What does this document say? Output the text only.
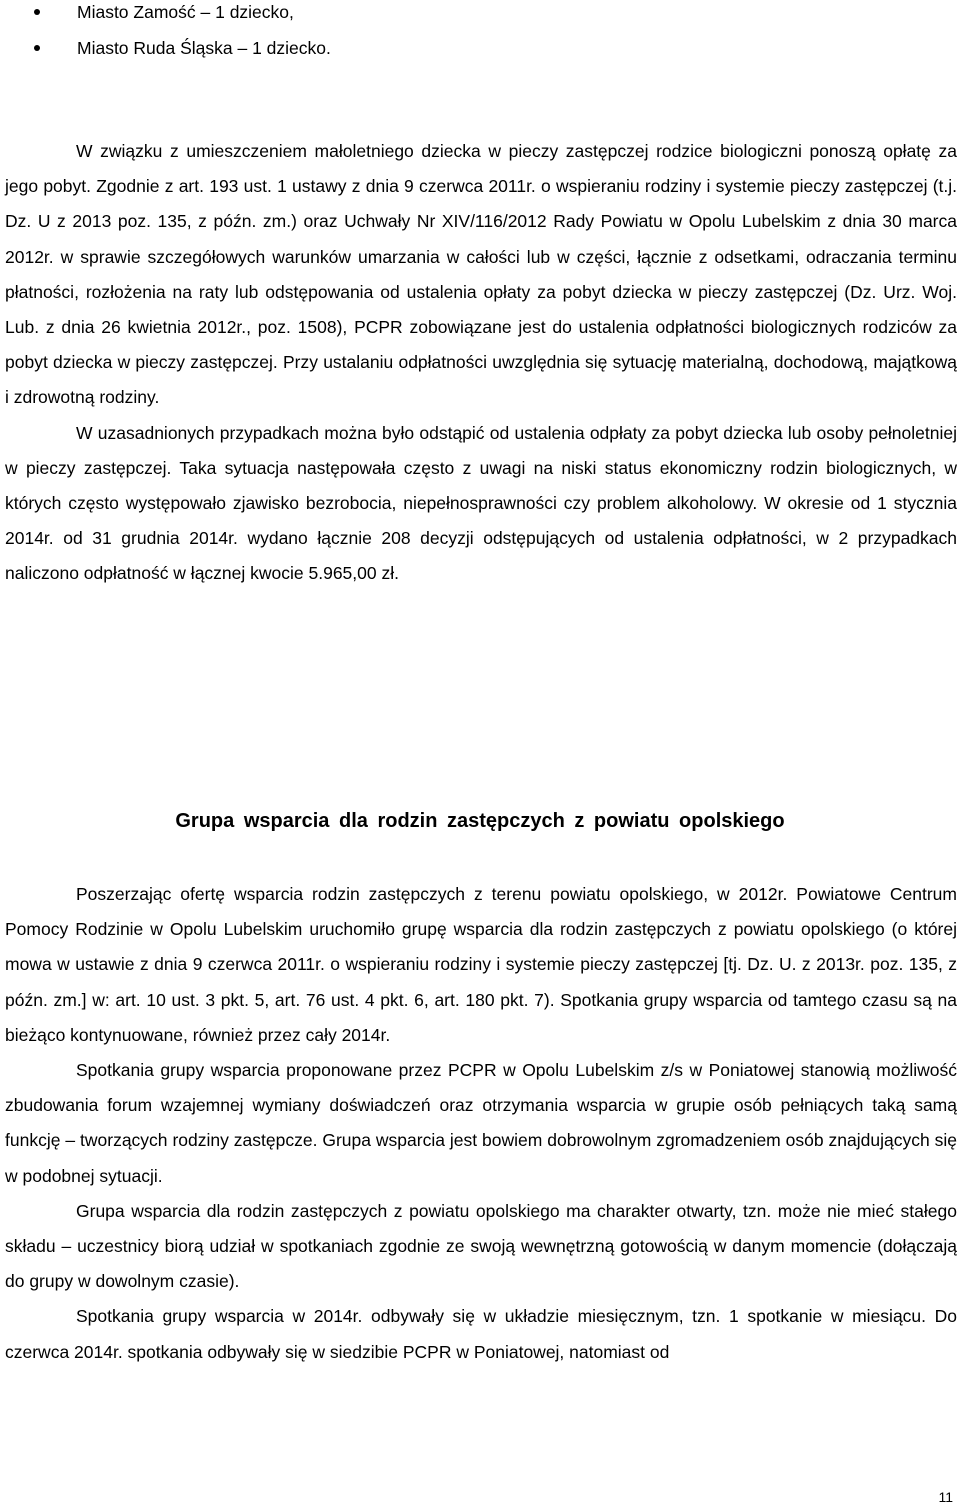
Miasto Zamość – 1 dziecko,
Miasto Ruda Śląska – 1 dziecko.

W związku z umieszczeniem małoletniego dziecka w pieczy zastępczej rodzice biologiczni ponoszą opłatę za jego pobyt. Zgodnie z art. 193 ust. 1 ustawy z dnia 9 czerwca 2011r. o wspieraniu rodziny i systemie pieczy zastępczej (t.j. Dz. U z 2013 poz. 135, z późn. zm.) oraz Uchwały Nr XIV/116/2012 Rady Powiatu w Opolu Lubelskim z dnia 30 marca 2012r. w sprawie szczegółowych warunków umarzania w całości lub w części, łącznie z odsetkami, odraczania terminu płatności, rozłożenia na raty lub odstępowania od ustalenia opłaty za pobyt dziecka w pieczy zastępczej (Dz. Urz. Woj. Lub. z dnia 26 kwietnia 2012r., poz. 1508), PCPR zobowiązane jest do ustalenia odpłatności biologicznych rodziców za pobyt dziecka w pieczy zastępczej. Przy ustalaniu odpłatności uwzględnia się sytuację materialną, dochodową, majątkową i zdrowotną rodziny.

W uzasadnionych przypadkach można było odstąpić od ustalenia odpłaty za pobyt dziecka lub osoby pełnoletniej w pieczy zastępczej. Taka sytuacja następowała często z uwagi na niski status ekonomiczny rodzin biologicznych, w których często występowało zjawisko bezrobocia, niepełnosprawności czy problem alkoholowy. W okresie od 1 stycznia 2014r. od 31 grudnia 2014r. wydano łącznie 208 decyzji odstępujących od ustalenia odpłatności, w 2 przypadkach naliczono odpłatność w łącznej kwocie 5.965,00 zł.

Grupa wsparcia dla rodzin zastępczych z powiatu opolskiego

Poszerzając ofertę wsparcia rodzin zastępczych z terenu powiatu opolskiego, w 2012r. Powiatowe Centrum Pomocy Rodzinie w Opolu Lubelskim uruchomiło grupę wsparcia dla rodzin zastępczych z powiatu opolskiego (o której mowa w ustawie z dnia 9 czerwca 2011r. o wspieraniu rodziny i systemie pieczy zastępczej [tj. Dz. U. z 2013r. poz. 135, z późn. zm.] w: art. 10 ust. 3 pkt. 5, art. 76 ust. 4 pkt. 6, art. 180 pkt. 7). Spotkania grupy wsparcia od tamtego czasu są na bieżąco kontynuowane, również przez cały 2014r.

Spotkania grupy wsparcia proponowane przez PCPR w Opolu Lubelskim z/s w Poniatowej stanowią możliwość zbudowania forum wzajemnej wymiany doświadczeń oraz otrzymania wsparcia w grupie osób pełniących taką samą funkcję – tworzących rodziny zastępcze. Grupa wsparcia jest bowiem dobrowolnym zgromadzeniem osób znajdujących się w podobnej sytuacji.

Grupa wsparcia dla rodzin zastępczych z powiatu opolskiego ma charakter otwarty, tzn. może nie mieć stałego składu – uczestnicy biorą udział w spotkaniach zgodnie ze swoją wewnętrzną gotowością w danym momencie (dołączają do grupy w dowolnym czasie).

Spotkania grupy wsparcia w 2014r. odbywały się w układzie miesięcznym, tzn. 1 spotkanie w miesiącu. Do czerwca 2014r. spotkania odbywały się w siedzibie PCPR w Poniatowej, natomiast od

11
